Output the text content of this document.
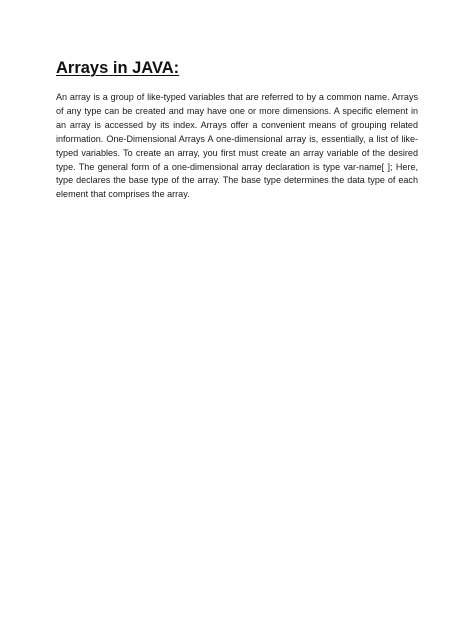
Arrays in JAVA:

An array is a group of like-typed variables that are referred to by a common name. Arrays of any type can be created and may have one or more dimensions. A specific element in an array is accessed by its index. Arrays offer a convenient means of grouping related information. One-Dimensional Arrays A one-dimensional array is, essentially, a list of like-typed variables. To create an array, you first must create an array variable of the desired type. The general form of a one-dimensional array declaration is type var-name[ ]; Here, type declares the base type of the array. The base type determines the data type of each element that comprises the array.
